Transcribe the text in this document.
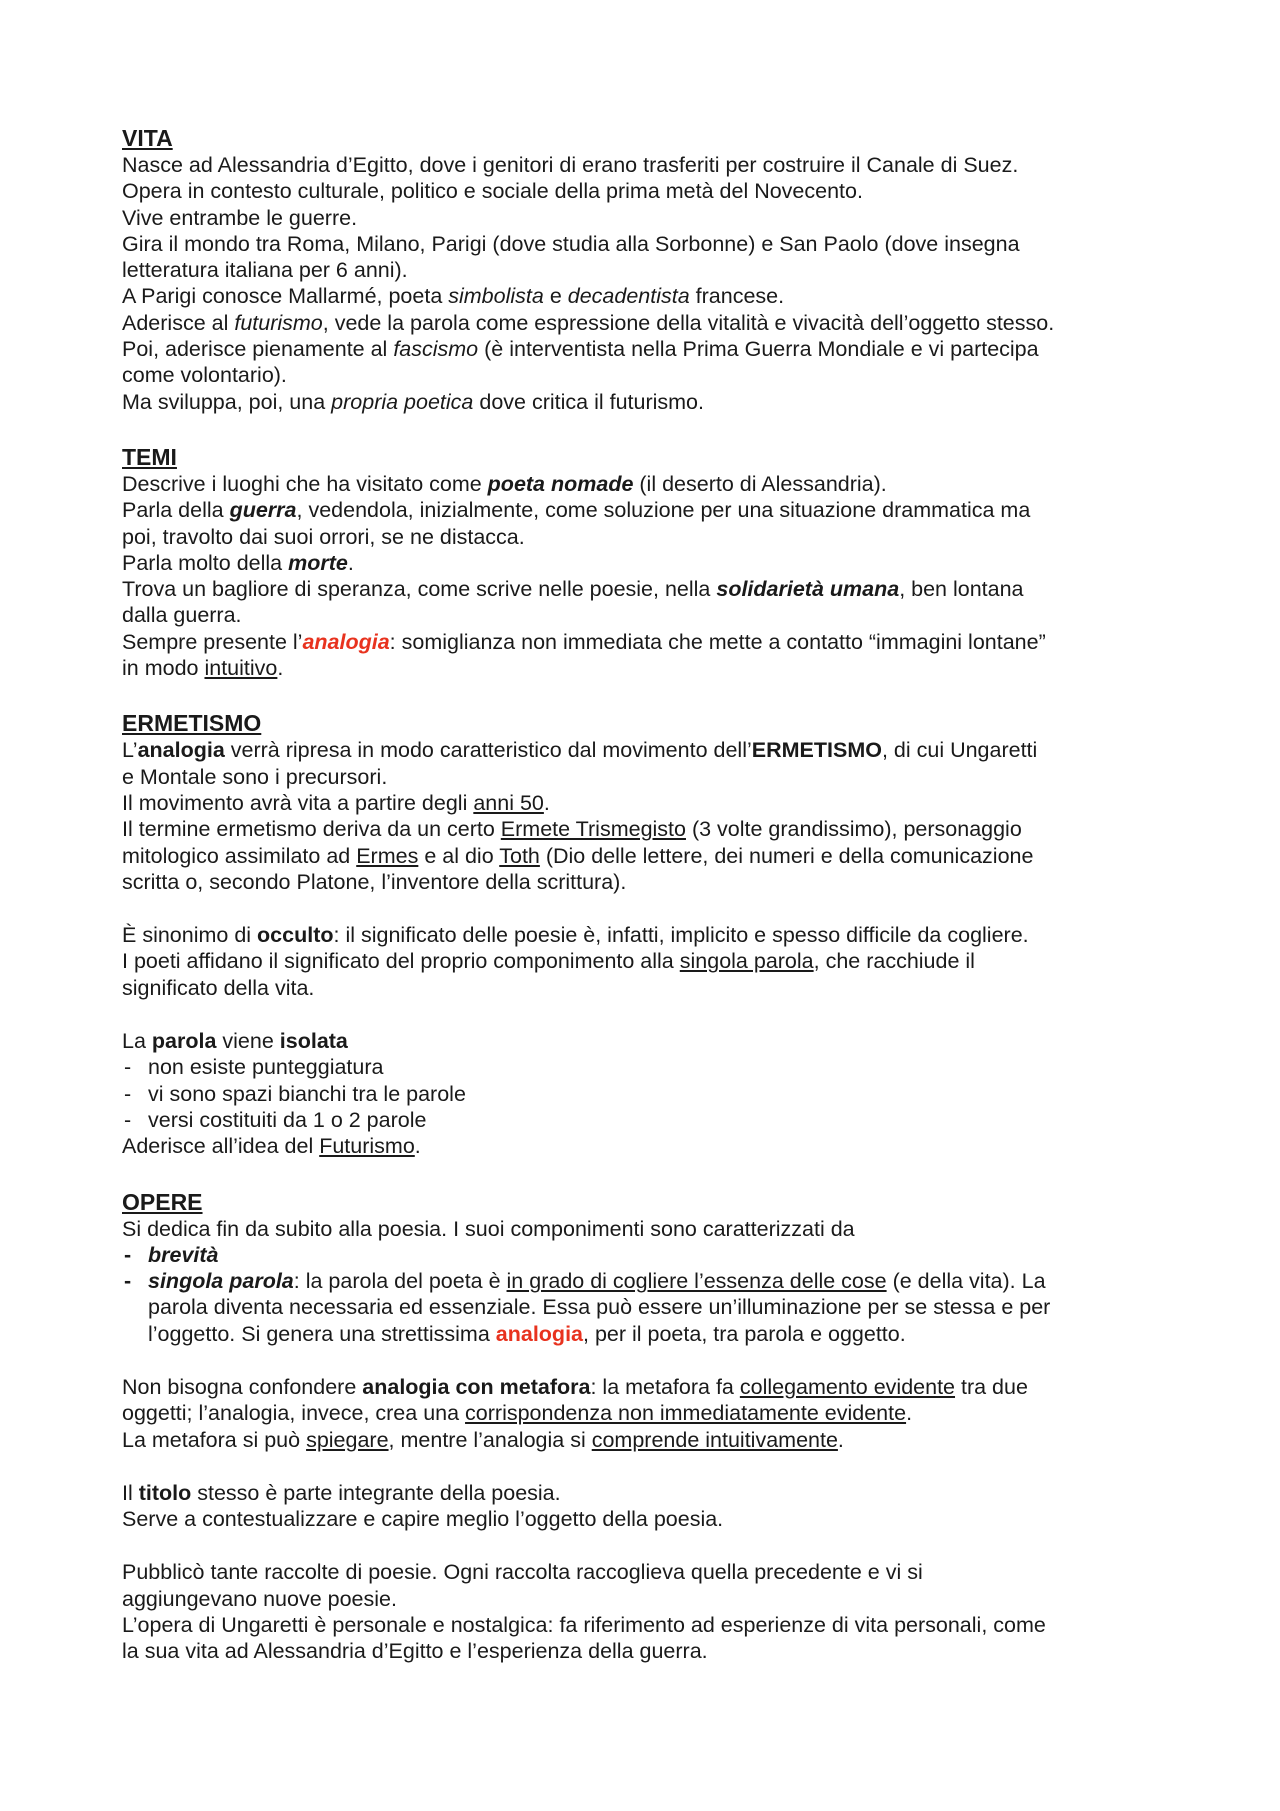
VITA
Nasce ad Alessandria d’Egitto, dove i genitori di erano trasferiti per costruire il Canale di Suez.
Opera in contesto culturale, politico e sociale della prima metà del Novecento.
Vive entrambe le guerre.
Gira il mondo tra Roma, Milano, Parigi (dove studia alla Sorbonne) e San Paolo (dove insegna
letteratura italiana per 6 anni).
A Parigi conosce Mallarmé, poeta simbolista e decadentista francese.
Aderisce al futurismo, vede la parola come espressione della vitalità e vivacità dell’oggetto stesso.
Poi, aderisce pienamente al fascismo (è interventista nella Prima Guerra Mondiale e vi partecipa
come volontario).
Ma sviluppa, poi, una propria poetica dove critica il futurismo.
TEMI
Descrive i luoghi che ha visitato come poeta nomade (il deserto di Alessandria).
Parla della guerra, vedendola, inizialmente, come soluzione per una situazione drammatica ma
poi, travolto dai suoi orrori, se ne distacca.
Parla molto della morte.
Trova un bagliore di speranza, come scrive nelle poesie, nella solidarietà umana, ben lontana
dalla guerra.
Sempre presente l’analogia: somiglianza non immediata che mette a contatto “immagini lontane”
in modo intuitivo.
ERMETISMO
L’analogia verrà ripresa in modo caratteristico dal movimento dell’ERMETISMO, di cui Ungaretti
e Montale sono i precursori.
Il movimento avrà vita a partire degli anni 50.
Il termine ermetismo deriva da un certo Ermete Trismegisto (3 volte grandissimo), personaggio
mitologico assimilato ad Ermes e al dio Toth (Dio delle lettere, dei numeri e della comunicazione
scritta o, secondo Platone, l’inventore della scrittura).
È sinonimo di occulto: il significato delle poesie è, infatti, implicito e spesso difficile da cogliere.
I poeti affidano il significato del proprio componimento alla singola parola, che racchiude il
significato della vita.
La parola viene isolata
- non esiste punteggiatura
- vi sono spazi bianchi tra le parole
- versi costituiti da 1 o 2 parole
Aderisce all’idea del Futurismo.
OPERE
Si dedica fin da subito alla poesia. I suoi componimenti sono caratterizzati da
- brevità
- singola parola: la parola del poeta è in grado di cogliere l’essenza delle cose (e della vita). La
parola diventa necessaria ed essenziale. Essa può essere un’illuminazione per se stessa e per
l’oggetto. Si genera una strettissima analogia, per il poeta, tra parola e oggetto.
Non bisogna confondere analogia con metafora: la metafora fa collegamento evidente tra due
oggetti; l’analogia, invece, crea una corrispondenza non immediatamente evidente.
La metafora si può spiegare, mentre l’analogia si comprende intuitivamente.
Il titolo stesso è parte integrante della poesia.
Serve a contestualizzare e capire meglio l’oggetto della poesia.
Pubblicò tante raccolte di poesie. Ogni raccolta raccoglieva quella precedente e vi si
aggiungevano nuove poesie.
L’opera di Ungaretti è personale e nostalgica: fa riferimento ad esperienze di vita personali, come
la sua vita ad Alessandria d’Egitto e l’esperienza della guerra.
